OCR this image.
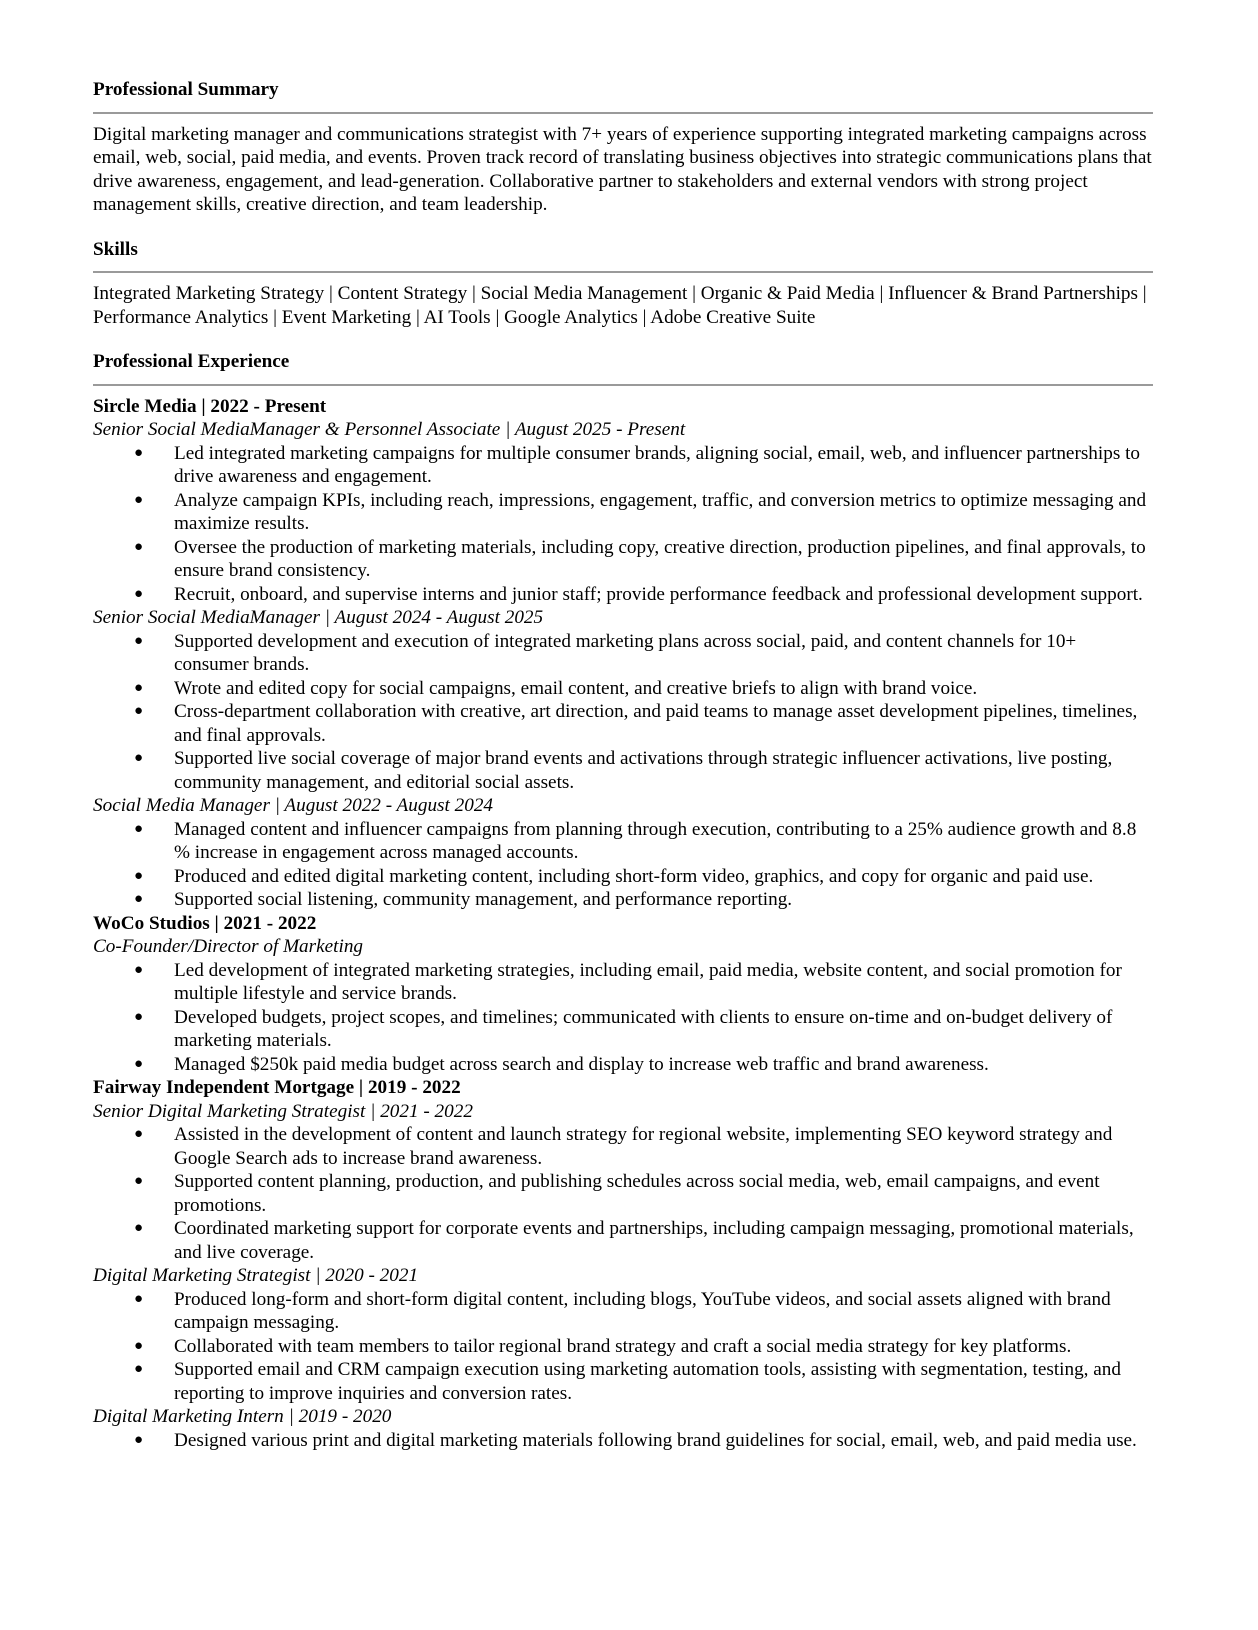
Professional Summary

Digital marketing manager and communications strategist with 7+ years of experience supporting integrated marketing campaigns across email, web, social, paid media, and events. Proven track record of translating business objectives into strategic communications plans that drive awareness, engagement, and lead-generation. Collaborative partner to stakeholders and external vendors with strong project management skills, creative direction, and team leadership.

Skills

Integrated Marketing Strategy | Content Strategy | Social Media Management | Organic & Paid Media | Influencer & Brand Partnerships | Performance Analytics | Event Marketing | AI Tools | Google Analytics | Adobe Creative Suite

Professional Experience

Sircle Media | 2022 - Present

Senior Social MediaManager & Personnel Associate | August 2025 - Present

● Led integrated marketing campaigns for multiple consumer brands, aligning social, email, web, and influencer partnerships to drive awareness and engagement.
● Analyze campaign KPIs, including reach, impressions, engagement, traffic, and conversion metrics to optimize messaging and maximize results.
● Oversee the production of marketing materials, including copy, creative direction, production pipelines, and final approvals, to ensure brand consistency.
● Recruit, onboard, and supervise interns and junior staff; provide performance feedback and professional development support.

Senior Social MediaManager | August 2024 - August 2025

● Supported development and execution of integrated marketing plans across social, paid, and content channels for 10+ consumer brands.
● Wrote and edited copy for social campaigns, email content, and creative briefs to align with brand voice.
● Cross-department collaboration with creative, art direction, and paid teams to manage asset development pipelines, timelines, and final approvals.
● Supported live social coverage of major brand events and activations through strategic influencer activations, live posting, community management, and editorial social assets.

Social Media Manager | August 2022 - August 2024

● Managed content and influencer campaigns from planning through execution, contributing to a 25% audience growth and 8.8 % increase in engagement across managed accounts.
● Produced and edited digital marketing content, including short-form video, graphics, and copy for organic and paid use.
● Supported social listening, community management, and performance reporting.

WoCo Studios | 2021 - 2022

Co-Founder/Director of Marketing

● Led development of integrated marketing strategies, including email, paid media, website content, and social promotion for multiple lifestyle and service brands.
● Developed budgets, project scopes, and timelines; communicated with clients to ensure on-time and on-budget delivery of marketing materials.
● Managed $250k paid media budget across search and display to increase web traffic and brand awareness.

Fairway Independent Mortgage | 2019 - 2022

Senior Digital Marketing Strategist | 2021 - 2022

● Assisted in the development of content and launch strategy for regional website, implementing SEO keyword strategy and Google Search ads to increase brand awareness.
● Supported content planning, production, and publishing schedules across social media, web, email campaigns, and event promotions.
● Coordinated marketing support for corporate events and partnerships, including campaign messaging, promotional materials, and live coverage.

Digital Marketing Strategist | 2020 - 2021

● Produced long-form and short-form digital content, including blogs, YouTube videos, and social assets aligned with brand campaign messaging.
● Collaborated with team members to tailor regional brand strategy and craft a social media strategy for key platforms.
● Supported email and CRM campaign execution using marketing automation tools, assisting with segmentation, testing, and reporting to improve inquiries and conversion rates.

Digital Marketing Intern | 2019 - 2020

● Designed various print and digital marketing materials following brand guidelines for social, email, web, and paid media use.
